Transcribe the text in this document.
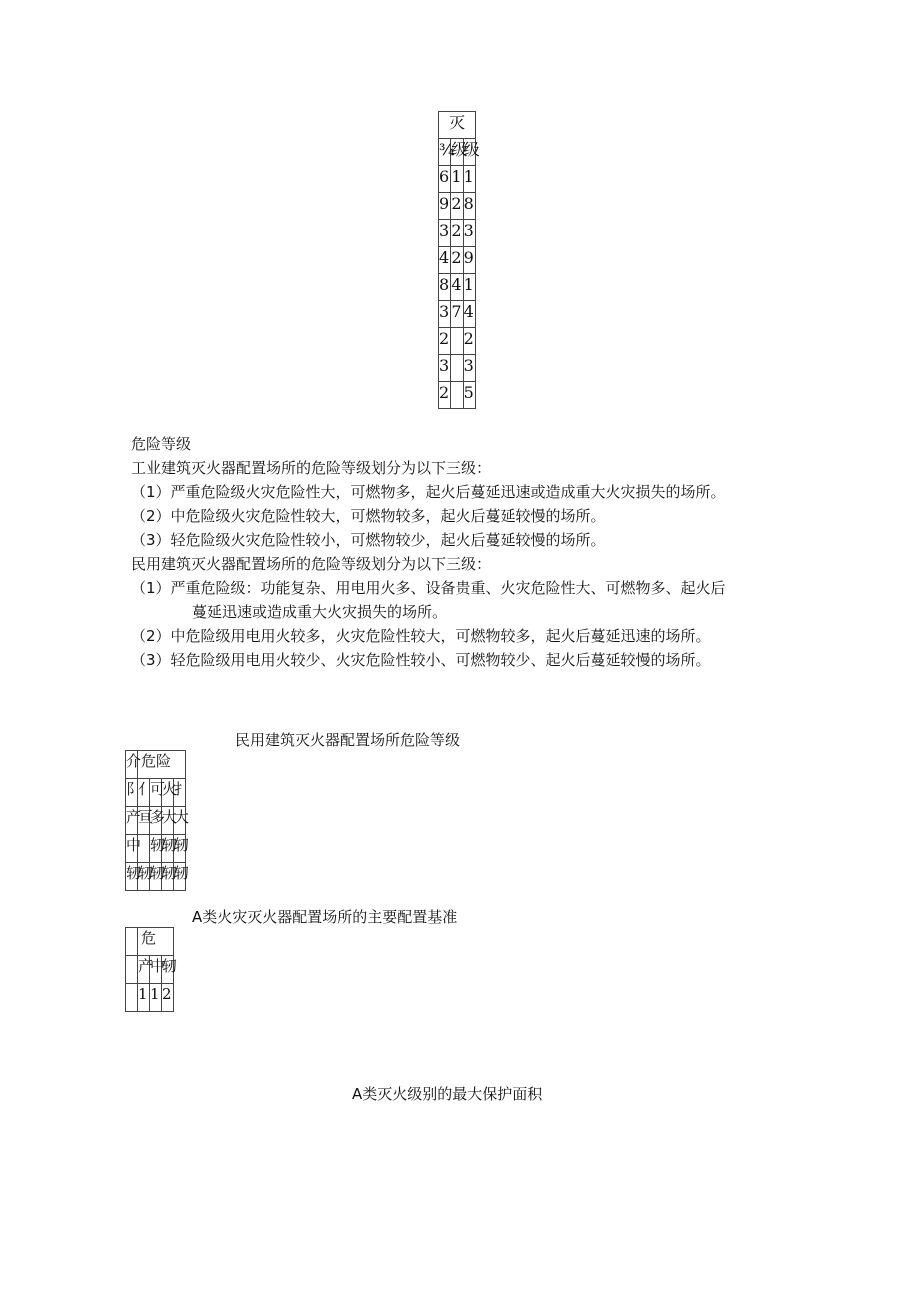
灭		
¾	级	级
6	1	1
9	2	8
3	2	3
4	2	9
8	4	1
3	7	4
2		2
3		3
2		5
危险等级
工业建筑灭火器配置场所的危险等级划分为以下三级：
（1）严重危险级火灾危险性大，可燃物多，起火后蔓延迅速或造成重大火灾损失的场所。
（2）中危险级火灾危险性较大，可燃物较多，起火后蔓延较慢的场所。
（3）轻危险级火灾危险性较小，可燃物较少，起火后蔓延较慢的场所。
民用建筑灭火器配置场所的危险等级划分为以下三级：
（1）严重危险级：功能复杂、用电用火多、设备贵重、火灾危险性大、可燃物多、起火后
蔓延迅速或造成重大火灾损失的场所。
（2）中危险级用电用火较多，火灾危险性较大，可燃物较多，起火后蔓延迅速的场所。
（3）轻危险级用电用火较少、火灾危险性较小、可燃物较少、起火后蔓延较慢的场所。
民用建筑灭火器配置场所危险等级
介	危险			
阝	亻	可	火	扌
产	亘	多	大	大
中		轫	轫	轫
轫	轫	轫	轫	轫
A类火灾灭火器配置场所的主要配置基准
	危		
	产	中	轫
	1	1	2
A类灭火级别的最大保护面积
